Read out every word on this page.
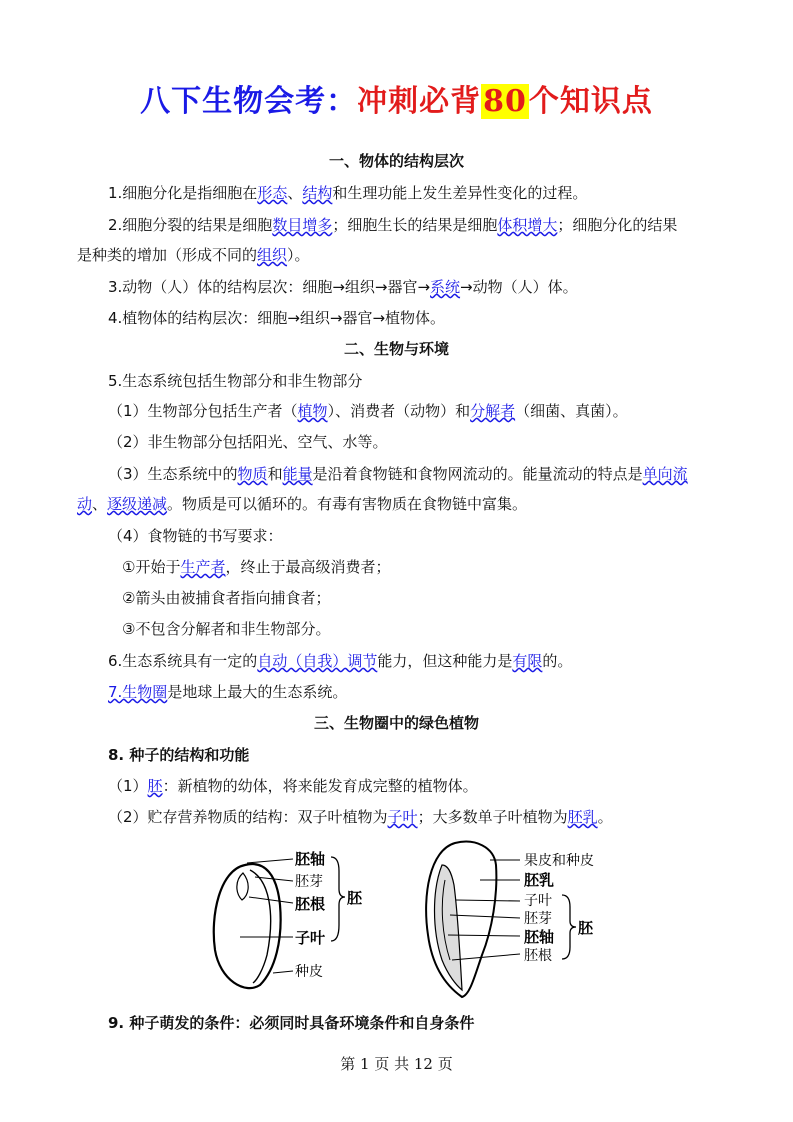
八下生物会考：冲刺必背80个知识点
一、物体的结构层次
1.细胞分化是指细胞在形态、结构和生理功能上发生差异性变化的过程。
2.细胞分裂的结果是细胞数目增多；细胞生长的结果是细胞体积增大；细胞分化的结果
是种类的增加（形成不同的组织）。
3.动物（人）体的结构层次：细胞→组织→器官→系统→动物（人）体。
4.植物体的结构层次：细胞→组织→器官→植物体。
二、生物与环境
5.生态系统包括生物部分和非生物部分
（1）生物部分包括生产者（植物）、消费者（动物）和分解者（细菌、真菌）。
（2）非生物部分包括阳光、空气、水等。
（3）生态系统中的物质和能量是沿着食物链和食物网流动的。能量流动的特点是单向流
动、逐级递减。物质是可以循环的。有毒有害物质在食物链中富集。
（4）食物链的书写要求：
①开始于生产者，终止于最高级消费者；
②箭头由被捕食者指向捕食者；
③不包含分解者和非生物部分。
6.生态系统具有一定的自动（自我）调节能力，但这种能力是有限的。
7.生物圈是地球上最大的生态系统。
三、生物圈中的绿色植物
8. 种子的结构和功能
（1）胚：新植物的幼体，将来能发育成完整的植物体。
（2）贮存营养物质的结构：双子叶植物为子叶；大多数单子叶植物为胚乳。
胚轴
胚芽
胚根
子叶
种皮
胚
果皮和种皮
胚乳
子叶
胚芽
胚轴
胚根
胚
9. 种子萌发的条件：必须同时具备环境条件和自身条件
第 1 页 共 12 页
